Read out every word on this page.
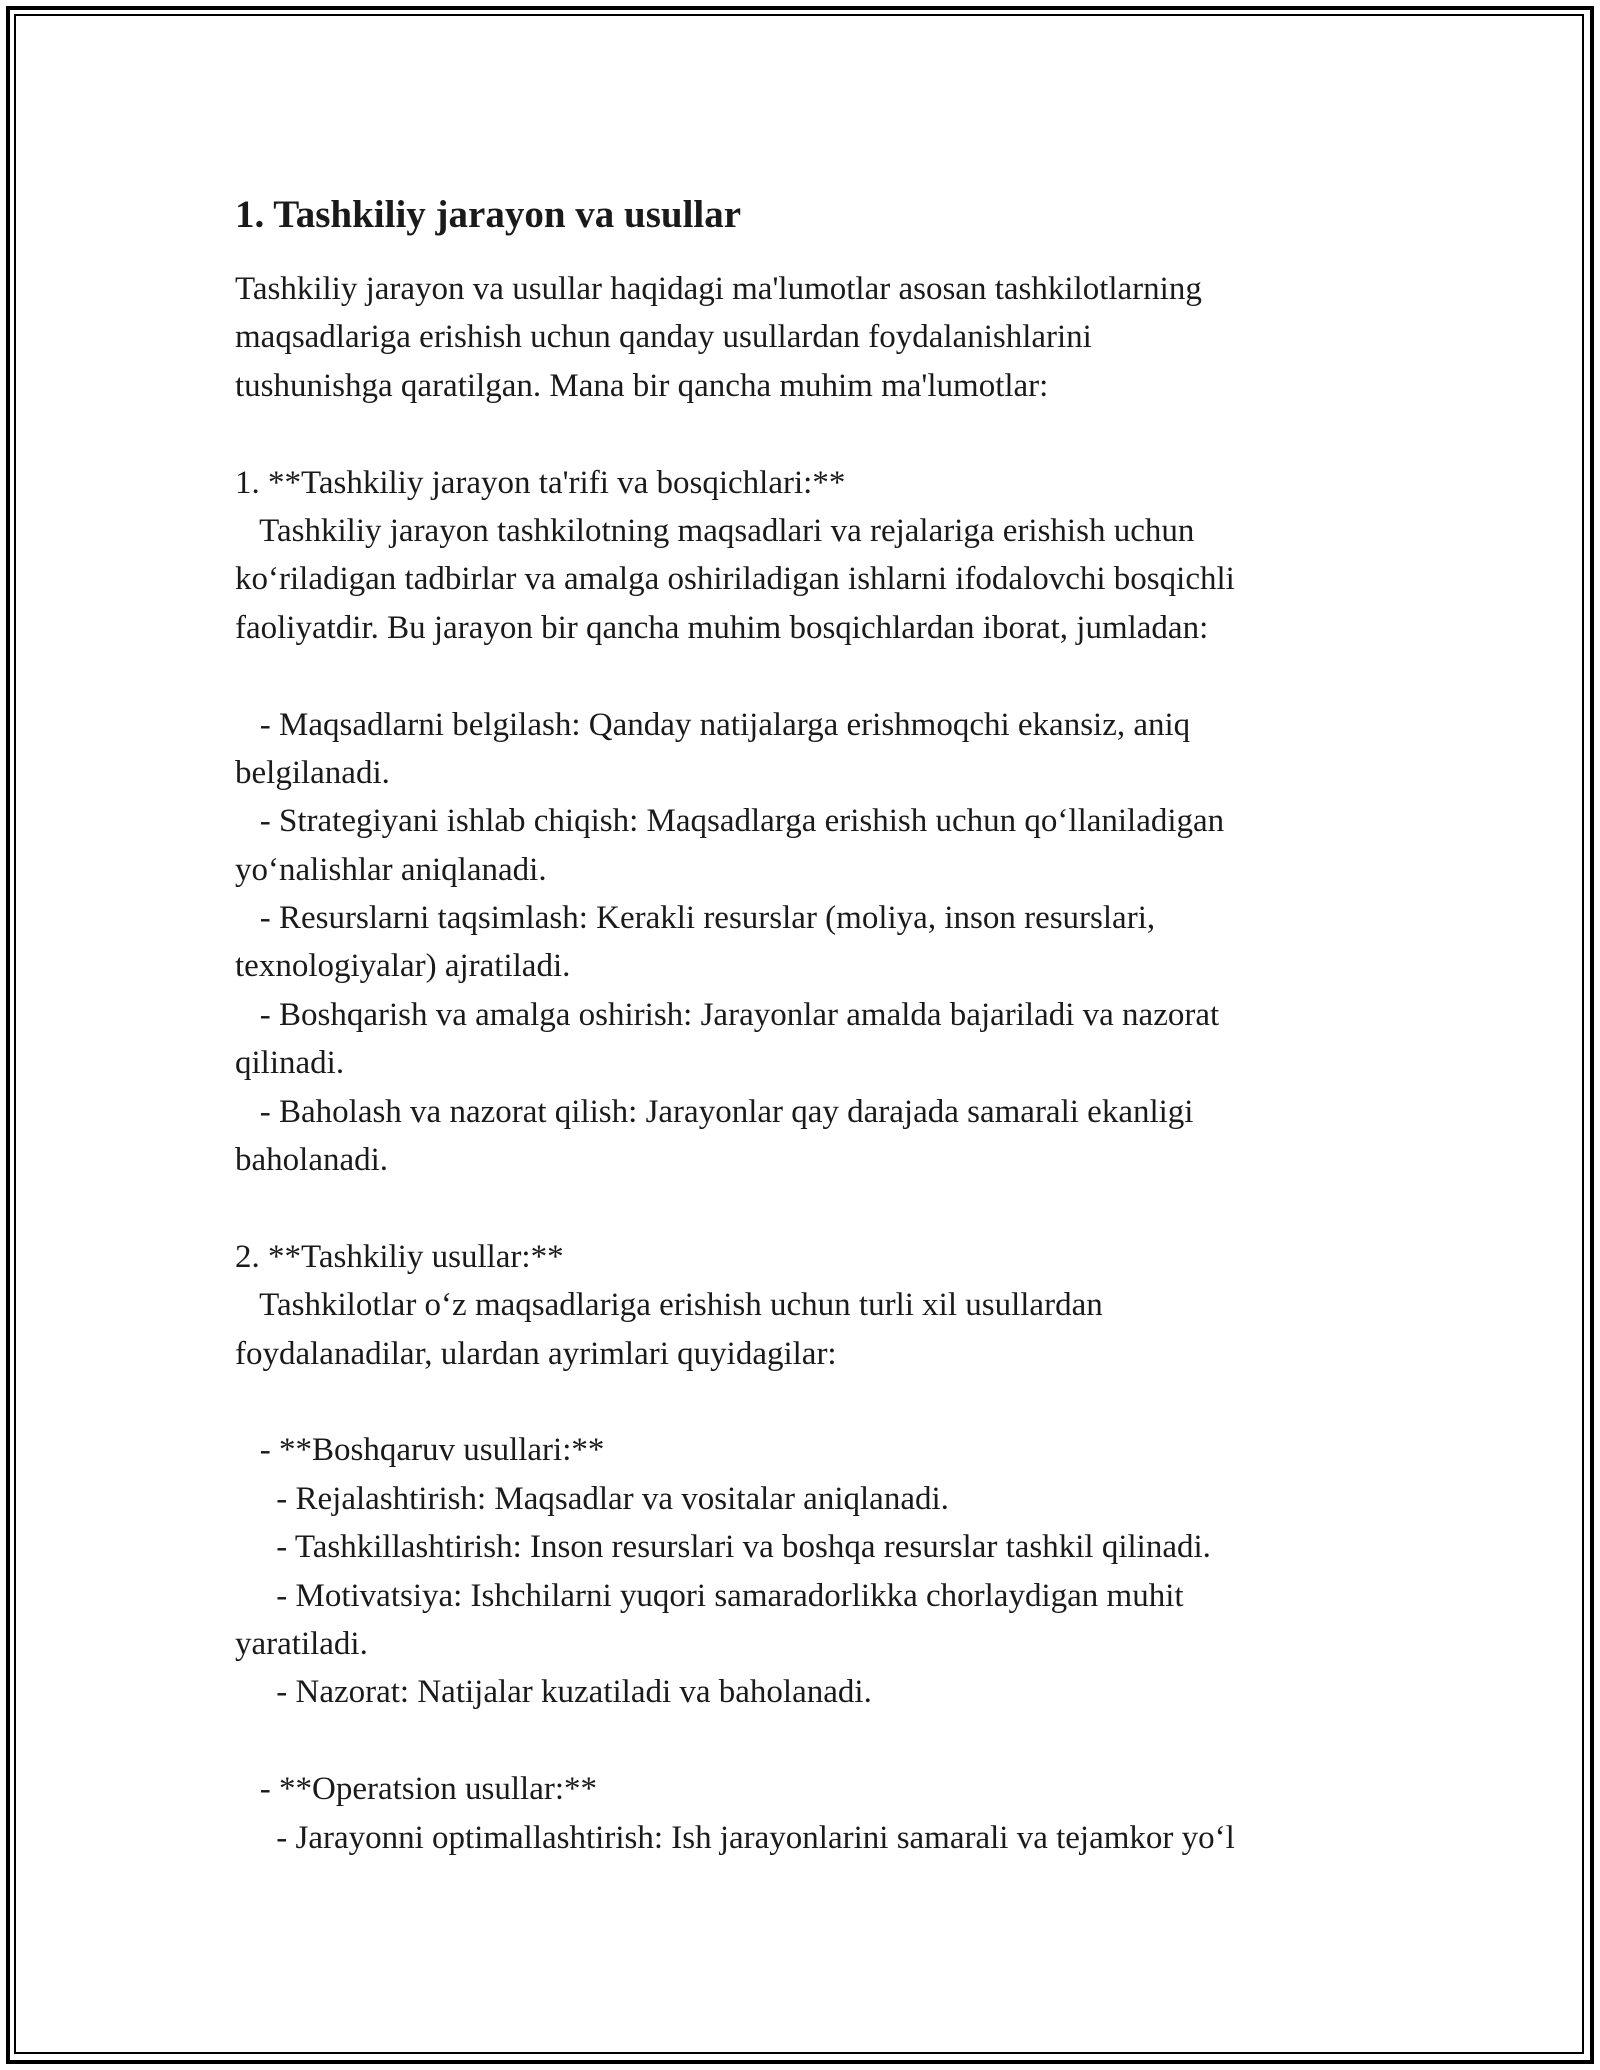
1. Tashkiliy jarayon va usullar
Tashkiliy jarayon va usullar haqidagi ma'lumotlar asosan tashkilotlarning
maqsadlariga erishish uchun qanday usullardan foydalanishlarini
tushunishga qaratilgan. Mana bir qancha muhim ma'lumotlar:
1. **Tashkiliy jarayon ta'rifi va bosqichlari:**
Tashkiliy jarayon tashkilotning maqsadlari va rejalariga erishish uchun
ko‘riladigan tadbirlar va amalga oshiriladigan ishlarni ifodalovchi bosqichli
faoliyatdir. Bu jarayon bir qancha muhim bosqichlardan iborat, jumladan:
- Maqsadlarni belgilash: Qanday natijalarga erishmoqchi ekansiz, aniq
belgilanadi.
- Strategiyani ishlab chiqish: Maqsadlarga erishish uchun qo‘llaniladigan
yo‘nalishlar aniqlanadi.
- Resurslarni taqsimlash: Kerakli resurslar (moliya, inson resurslari,
texnologiyalar) ajratiladi.
- Boshqarish va amalga oshirish: Jarayonlar amalda bajariladi va nazorat
qilinadi.
- Baholash va nazorat qilish: Jarayonlar qay darajada samarali ekanligi
baholanadi.
2. **Tashkiliy usullar:**
Tashkilotlar o‘z maqsadlariga erishish uchun turli xil usullardan
foydalanadilar, ulardan ayrimlari quyidagilar:
- **Boshqaruv usullari:**
- Rejalashtirish: Maqsadlar va vositalar aniqlanadi.
- Tashkillashtirish: Inson resurslari va boshqa resurslar tashkil qilinadi.
- Motivatsiya: Ishchilarni yuqori samaradorlikka chorlaydigan muhit
yaratiladi.
- Nazorat: Natijalar kuzatiladi va baholanadi.
- **Operatsion usullar:**
- Jarayonni optimallashtirish: Ish jarayonlarini samarali va tejamkor yo‘l
